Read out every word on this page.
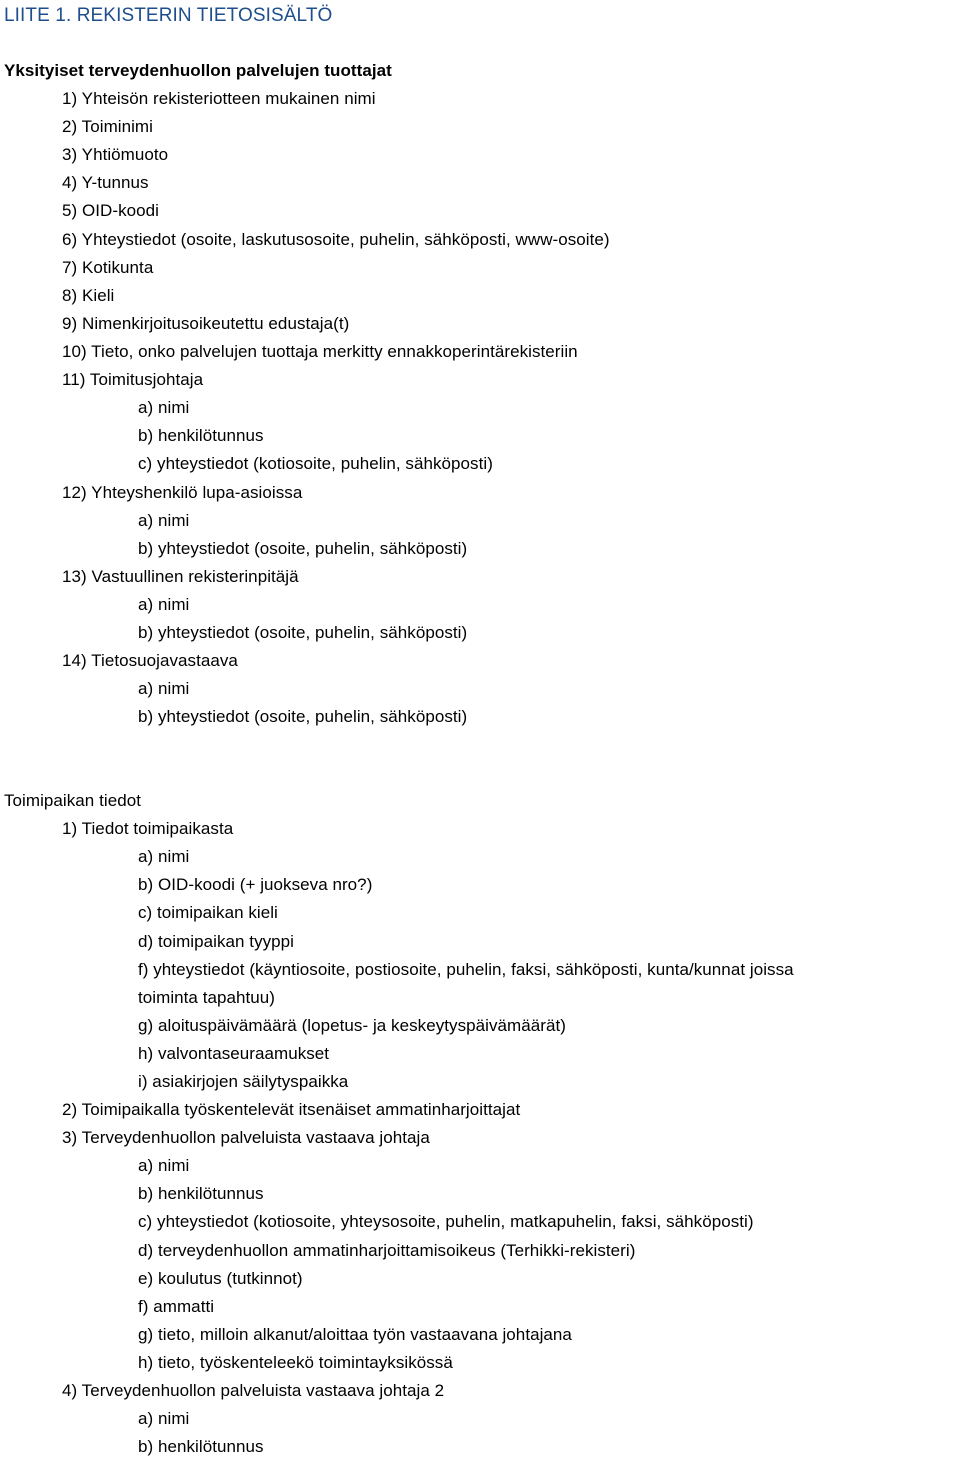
LIITE 1. REKISTERIN TIETOSISÄLTÖ
Yksityiset terveydenhuollon palvelujen tuottajat
1) Yhteisön rekisteriotteen mukainen nimi
2) Toiminimi
3) Yhtiömuoto
4) Y-tunnus
5) OID-koodi
6) Yhteystiedot (osoite, laskutusosoite, puhelin, sähköposti, www-osoite)
7) Kotikunta
8) Kieli
9) Nimenkirjoitusoikeutettu edustaja(t)
10) Tieto, onko palvelujen tuottaja merkitty ennakkoperintärekisteriin
11) Toimitusjohtaja
a) nimi
b) henkilötunnus
c) yhteystiedot (kotiosoite, puhelin, sähköposti)
12) Yhteyshenkilö lupa-asioissa
a) nimi
b) yhteystiedot (osoite, puhelin, sähköposti)
13) Vastuullinen rekisterinpitäjä
a) nimi
b) yhteystiedot (osoite, puhelin, sähköposti)
14) Tietosuojavastaava
a) nimi
b) yhteystiedot (osoite, puhelin, sähköposti)
Toimipaikan tiedot
1) Tiedot toimipaikasta
a) nimi
b) OID-koodi (+ juokseva nro?)
c) toimipaikan kieli
d) toimipaikan tyyppi
f) yhteystiedot (käyntiosoite, postiosoite, puhelin, faksi, sähköposti, kunta/kunnat joissa
toiminta tapahtuu)
g) aloituspäivämäärä (lopetus- ja keskeytyspäivämäärät)
h) valvontaseuraamukset
i) asiakirjojen säilytyspaikka
2) Toimipaikalla työskentelevät itsenäiset ammatinharjoittajat
3) Terveydenhuollon palveluista vastaava johtaja
a) nimi
b) henkilötunnus
c) yhteystiedot (kotiosoite, yhteysosoite, puhelin, matkapuhelin, faksi, sähköposti)
d) terveydenhuollon ammatinharjoittamisoikeus (Terhikki-rekisteri)
e) koulutus (tutkinnot)
f) ammatti
g) tieto, milloin alkanut/aloittaa työn vastaavana johtajana
h) tieto, työskenteleekö toimintayksikössä
4) Terveydenhuollon palveluista vastaava johtaja 2
a) nimi
b) henkilötunnus
